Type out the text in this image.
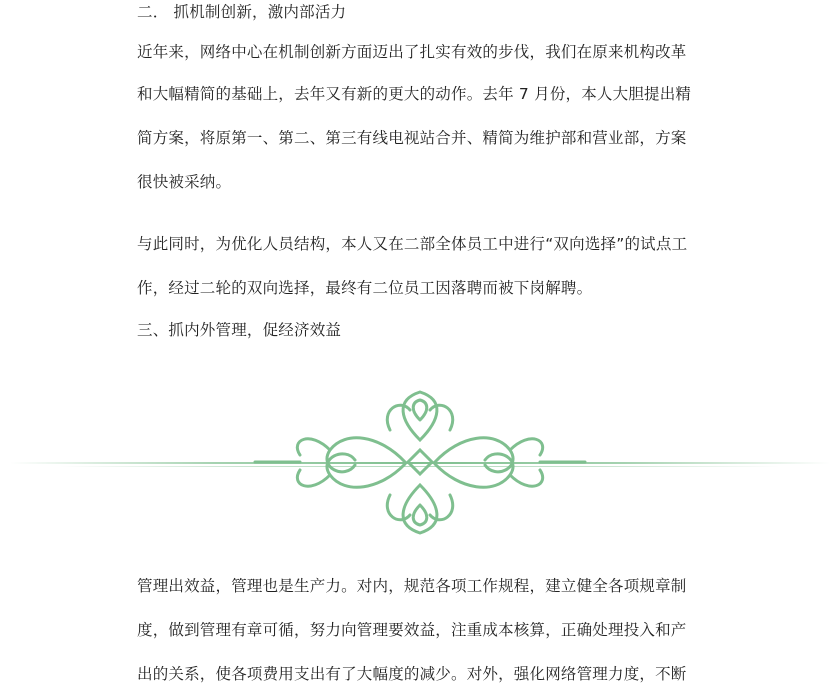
二． 抓机制创新，激内部活力
近年来，网络中心在机制创新方面迈出了扎实有效的步伐，我们在原来机构改革
和大幅精简的基础上，去年又有新的更大的动作。去年 7 月份，本人大胆提出精
简方案，将原第一、第二、第三有线电视站合并、精简为维护部和营业部，方案
很快被采纳。
与此同时，为优化人员结构，本人又在二部全体员工中进行“双向选择”的试点工
作，经过二轮的双向选择，最终有二位员工因落聘而被下岗解聘。
三、抓内外管理，促经济效益
管理出效益，管理也是生产力。对内，规范各项工作规程，建立健全各项规章制
度，做到管理有章可循，努力向管理要效益，注重成本核算，正确处理投入和产
出的关系，使各项费用支出有了大幅度的减少。对外，强化网络管理力度，不断
